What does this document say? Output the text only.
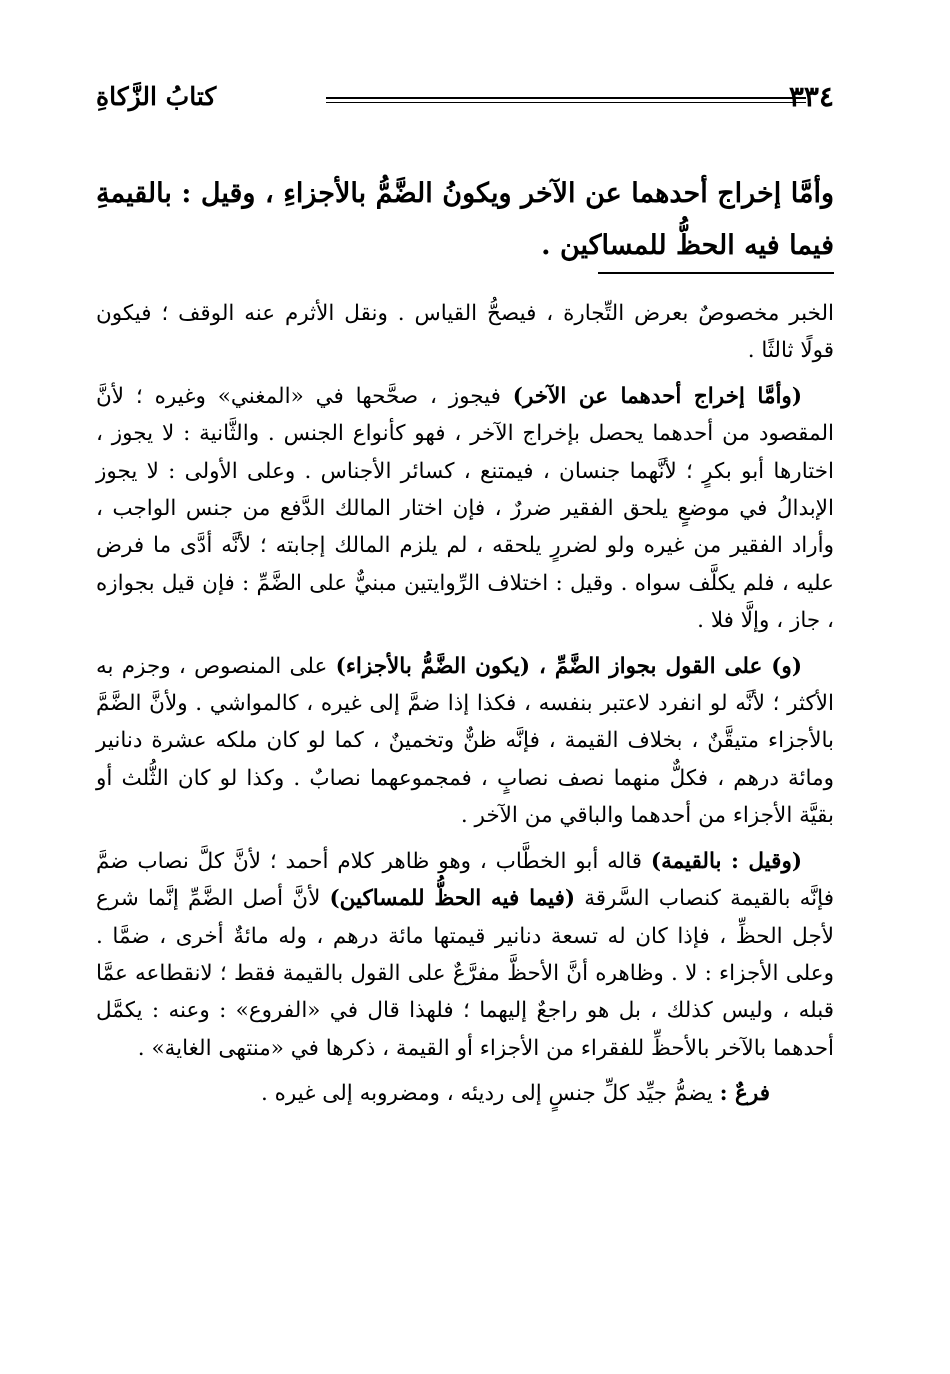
كتابُ الزَّكاةِ	٣٣٤
وأمَّا إخراج أحدهما عن الآخر ويكونُ الضَّمُّ بالأجزاءِ ، وقيل : بالقيمةِ فيما فيه الحظُّ للمساكين .

الخبر مخصوصٌ بعرض التِّجارة ، فيصحُّ القياس . ونقل الأثرم عنه الوقف ؛ فيكون قولًا ثالثًا .

(وأمَّا إخراج أحدهما عن الآخر) فيجوز ، صحَّحها في «المغني» وغيره ؛ لأنَّ المقصود من أحدهما يحصل بإخراج الآخر ، فهو كأنواع الجنس . والثَّانية : لا يجوز ، اختارها أبو بكرٍ ؛ لأنَّهما جنسان ، فيمتنع ، كسائر الأجناس . وعلى الأولى : لا يجوز الإبدالُ في موضعٍ يلحق الفقير ضررٌ ، فإن اختار المالك الدَّفع من جنس الواجب ، وأراد الفقير من غيره ولو لضررٍ يلحقه ، لم يلزم المالك إجابته ؛ لأنَّه أدَّى ما فرض عليه ، فلم يكلَّف سواه . وقيل : اختلاف الرِّوايتين مبنيٌّ على الضَّمِّ : فإن قيل بجوازه ، جاز ، وإلَّا فلا .

(و) على القول بجواز الضَّمِّ ، (يكون الضَّمُّ بالأجزاء) على المنصوص ، وجزم به الأكثر ؛ لأنَّه لو انفرد لاعتبر بنفسه ، فكذا إذا ضمَّ إلى غيره ، كالمواشي . ولأنَّ الضَّمَّ بالأجزاء متيقَّنٌ ، بخلاف القيمة ، فإنَّه ظنٌّ وتخمينٌ ، كما لو كان ملكه عشرة دنانير ومائة درهم ، فكلٌّ منهما نصف نصابٍ ، فمجموعهما نصابٌ . وكذا لو كان الثُّلث أو بقيَّة الأجزاء من أحدهما والباقي من الآخر .

(وقيل : بالقيمة) قاله أبو الخطَّاب ، وهو ظاهر كلام أحمد ؛ لأنَّ كلَّ نصاب ضمَّ فإنَّه بالقيمة كنصاب السَّرقة (فيما فيه الحظُّ للمساكين) لأنَّ أصل الضَّمِّ إنَّما شرع لأجل الحظِّ ، فإذا كان له تسعة دنانير قيمتها مائة درهم ، وله مائةٌ أخرى ، ضمَّا . وعلى الأجزاء : لا . وظاهره أنَّ الأحظَّ مفرَّعٌ على القول بالقيمة فقط ؛ لانقطاعه عمَّا قبله ، وليس كذلك ، بل هو راجعٌ إليهما ؛ فلهذا قال في «الفروع» : وعنه : يكمَّل أحدهما بالآخر بالأحظِّ للفقراء من الأجزاء أو القيمة ، ذكرها في «منتهى الغاية» .

فرعٌ : يضمُّ جيِّد كلِّ جنسٍ إلى رديئه ، ومضروبه إلى غيره .
